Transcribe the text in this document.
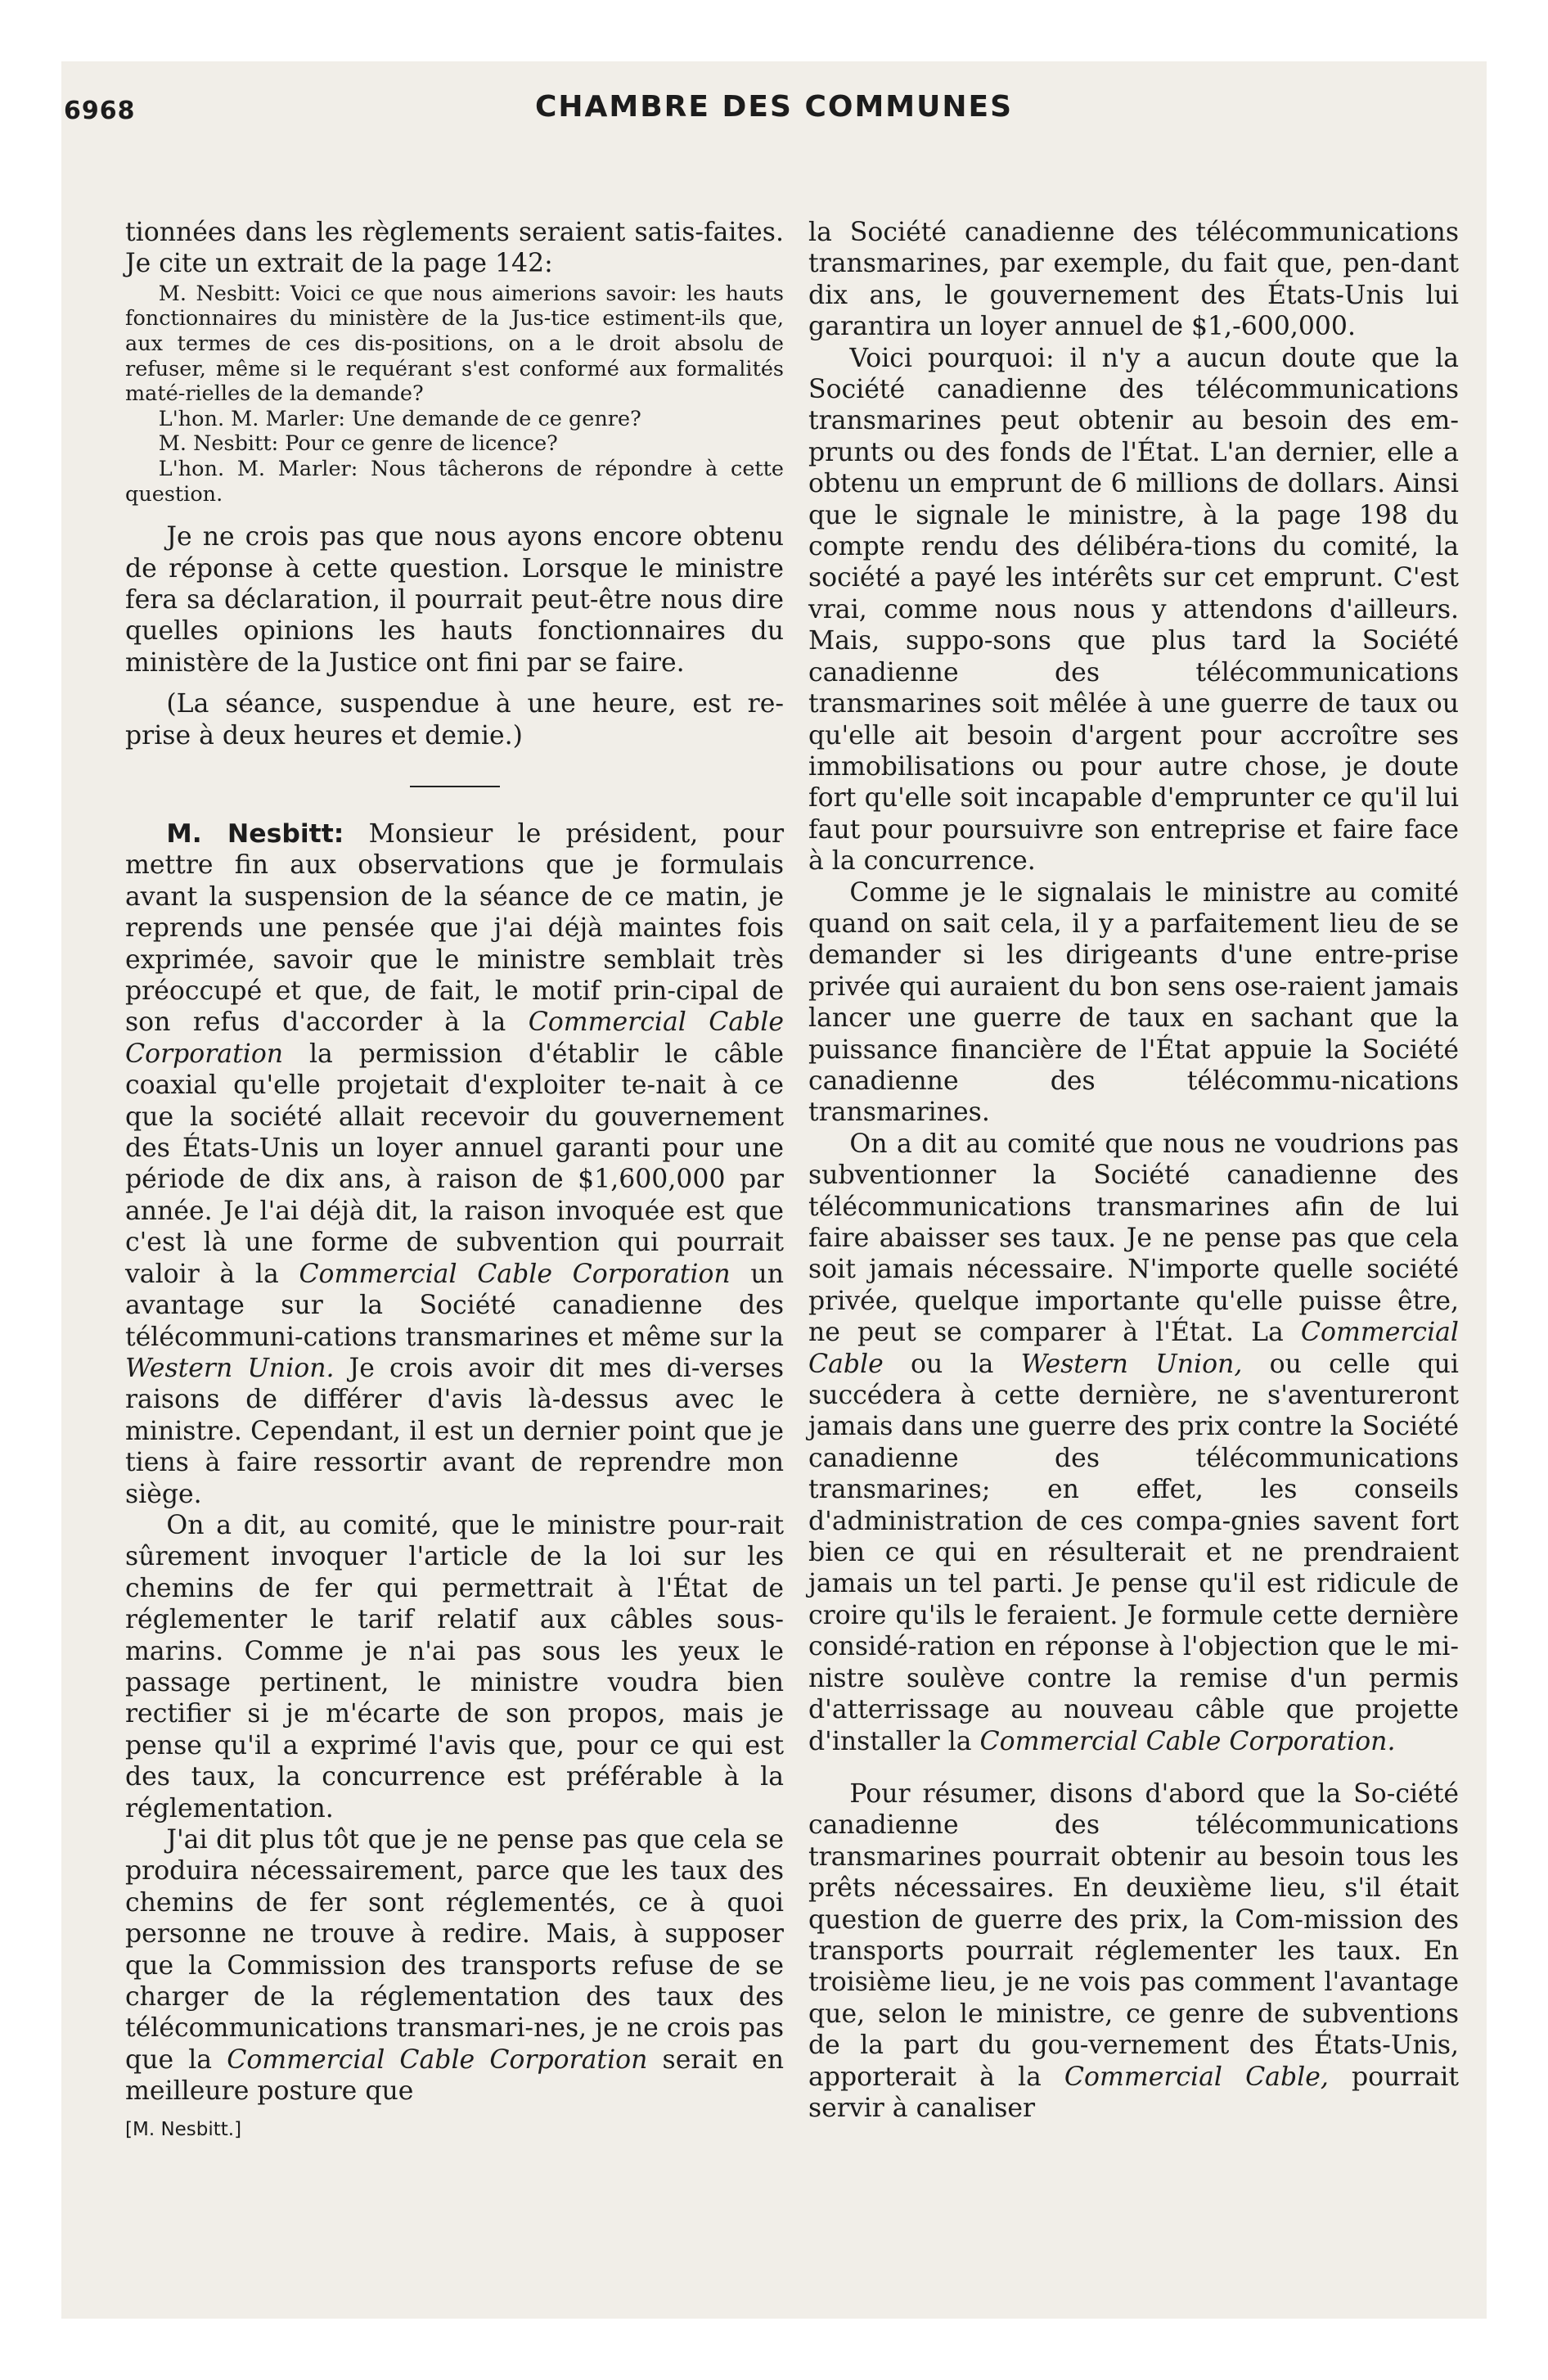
6968	CHAMBRE DES COMMUNES

tionnées dans les règlements seraient satis-faites. Je cite un extrait de la page 142:

M. Nesbitt: Voici ce que nous aimerions savoir: les hauts fonctionnaires du ministère de la Jus-tice estiment-ils que, aux termes de ces dis-positions, on a le droit absolu de refuser, même si le requérant s'est conformé aux formalités maté-rielles de la demande?

L'hon. M. Marler: Une demande de ce genre?

M. Nesbitt: Pour ce genre de licence?

L'hon. M. Marler: Nous tâcherons de répondre à cette question.

Je ne crois pas que nous ayons encore obtenu de réponse à cette question. Lorsque le ministre fera sa déclaration, il pourrait peut-être nous dire quelles opinions les hauts fonctionnaires du ministère de la Justice ont fini par se faire.

(La séance, suspendue à une heure, est re-prise à deux heures et demie.)

M. Nesbitt: Monsieur le président, pour mettre fin aux observations que je formulais avant la suspension de la séance de ce matin, je reprends une pensée que j'ai déjà maintes fois exprimée, savoir que le ministre semblait très préoccupé et que, de fait, le motif prin-cipal de son refus d'accorder à la Commercial Cable Corporation la permission d'établir le câble coaxial qu'elle projetait d'exploiter te-nait à ce que la société allait recevoir du gouvernement des États-Unis un loyer annuel garanti pour une période de dix ans, à raison de $1,600,000 par année. Je l'ai déjà dit, la raison invoquée est que c'est là une forme de subvention qui pourrait valoir à la Commercial Cable Corporation un avantage sur la Société canadienne des télécommuni-cations transmarines et même sur la Western Union. Je crois avoir dit mes di-verses raisons de différer d'avis là-dessus avec le ministre. Cependant, il est un dernier point que je tiens à faire ressortir avant de reprendre mon siège.

On a dit, au comité, que le ministre pour-rait sûrement invoquer l'article de la loi sur les chemins de fer qui permettrait à l'État de réglementer le tarif relatif aux câbles sous-marins. Comme je n'ai pas sous les yeux le passage pertinent, le ministre voudra bien rectifier si je m'écarte de son propos, mais je pense qu'il a exprimé l'avis que, pour ce qui est des taux, la concurrence est préférable à la réglementation.

J'ai dit plus tôt que je ne pense pas que cela se produira nécessairement, parce que les taux des chemins de fer sont réglementés, ce à quoi personne ne trouve à redire. Mais, à supposer que la Commission des transports refuse de se charger de la réglementation des taux des télécommunications transmari-nes, je ne crois pas que la Commercial Cable Corporation serait en meilleure posture que

[M. Nesbitt.]

la Société canadienne des télécommunications transmarines, par exemple, du fait que, pen-dant dix ans, le gouvernement des États-Unis lui garantira un loyer annuel de $1,-600,000.

Voici pourquoi: il n'y a aucun doute que la Société canadienne des télécommunications transmarines peut obtenir au besoin des em-prunts ou des fonds de l'État. L'an dernier, elle a obtenu un emprunt de 6 millions de dollars. Ainsi que le signale le ministre, à la page 198 du compte rendu des délibéra-tions du comité, la société a payé les intérêts sur cet emprunt. C'est vrai, comme nous nous y attendons d'ailleurs. Mais, suppo-sons que plus tard la Société canadienne des télécommunications transmarines soit mêlée à une guerre de taux ou qu'elle ait besoin d'argent pour accroître ses immobilisations ou pour autre chose, je doute fort qu'elle soit incapable d'emprunter ce qu'il lui faut pour poursuivre son entreprise et faire face à la concurrence.

Comme je le signalais le ministre au comité quand on sait cela, il y a parfaitement lieu de se demander si les dirigeants d'une entre-prise privée qui auraient du bon sens ose-raient jamais lancer une guerre de taux en sachant que la puissance financière de l'État appuie la Société canadienne des télécommu-nications transmarines.

On a dit au comité que nous ne voudrions pas subventionner la Société canadienne des télécommunications transmarines afin de lui faire abaisser ses taux. Je ne pense pas que cela soit jamais nécessaire. N'importe quelle société privée, quelque importante qu'elle puisse être, ne peut se comparer à l'État. La Commercial Cable ou la Western Union, ou celle qui succédera à cette dernière, ne s'aventureront jamais dans une guerre des prix contre la Société canadienne des télécommunications transmarines; en effet, les conseils d'administration de ces compa-gnies savent fort bien ce qui en résulterait et ne prendraient jamais un tel parti. Je pense qu'il est ridicule de croire qu'ils le feraient. Je formule cette dernière considé-ration en réponse à l'objection que le mi-nistre soulève contre la remise d'un permis d'atterrissage au nouveau câble que projette d'installer la Commercial Cable Corporation.

Pour résumer, disons d'abord que la So-ciété canadienne des télécommunications transmarines pourrait obtenir au besoin tous les prêts nécessaires. En deuxième lieu, s'il était question de guerre des prix, la Com-mission des transports pourrait réglementer les taux. En troisième lieu, je ne vois pas comment l'avantage que, selon le ministre, ce genre de subventions de la part du gou-vernement des États-Unis, apporterait à la Commercial Cable, pourrait servir à canaliser
